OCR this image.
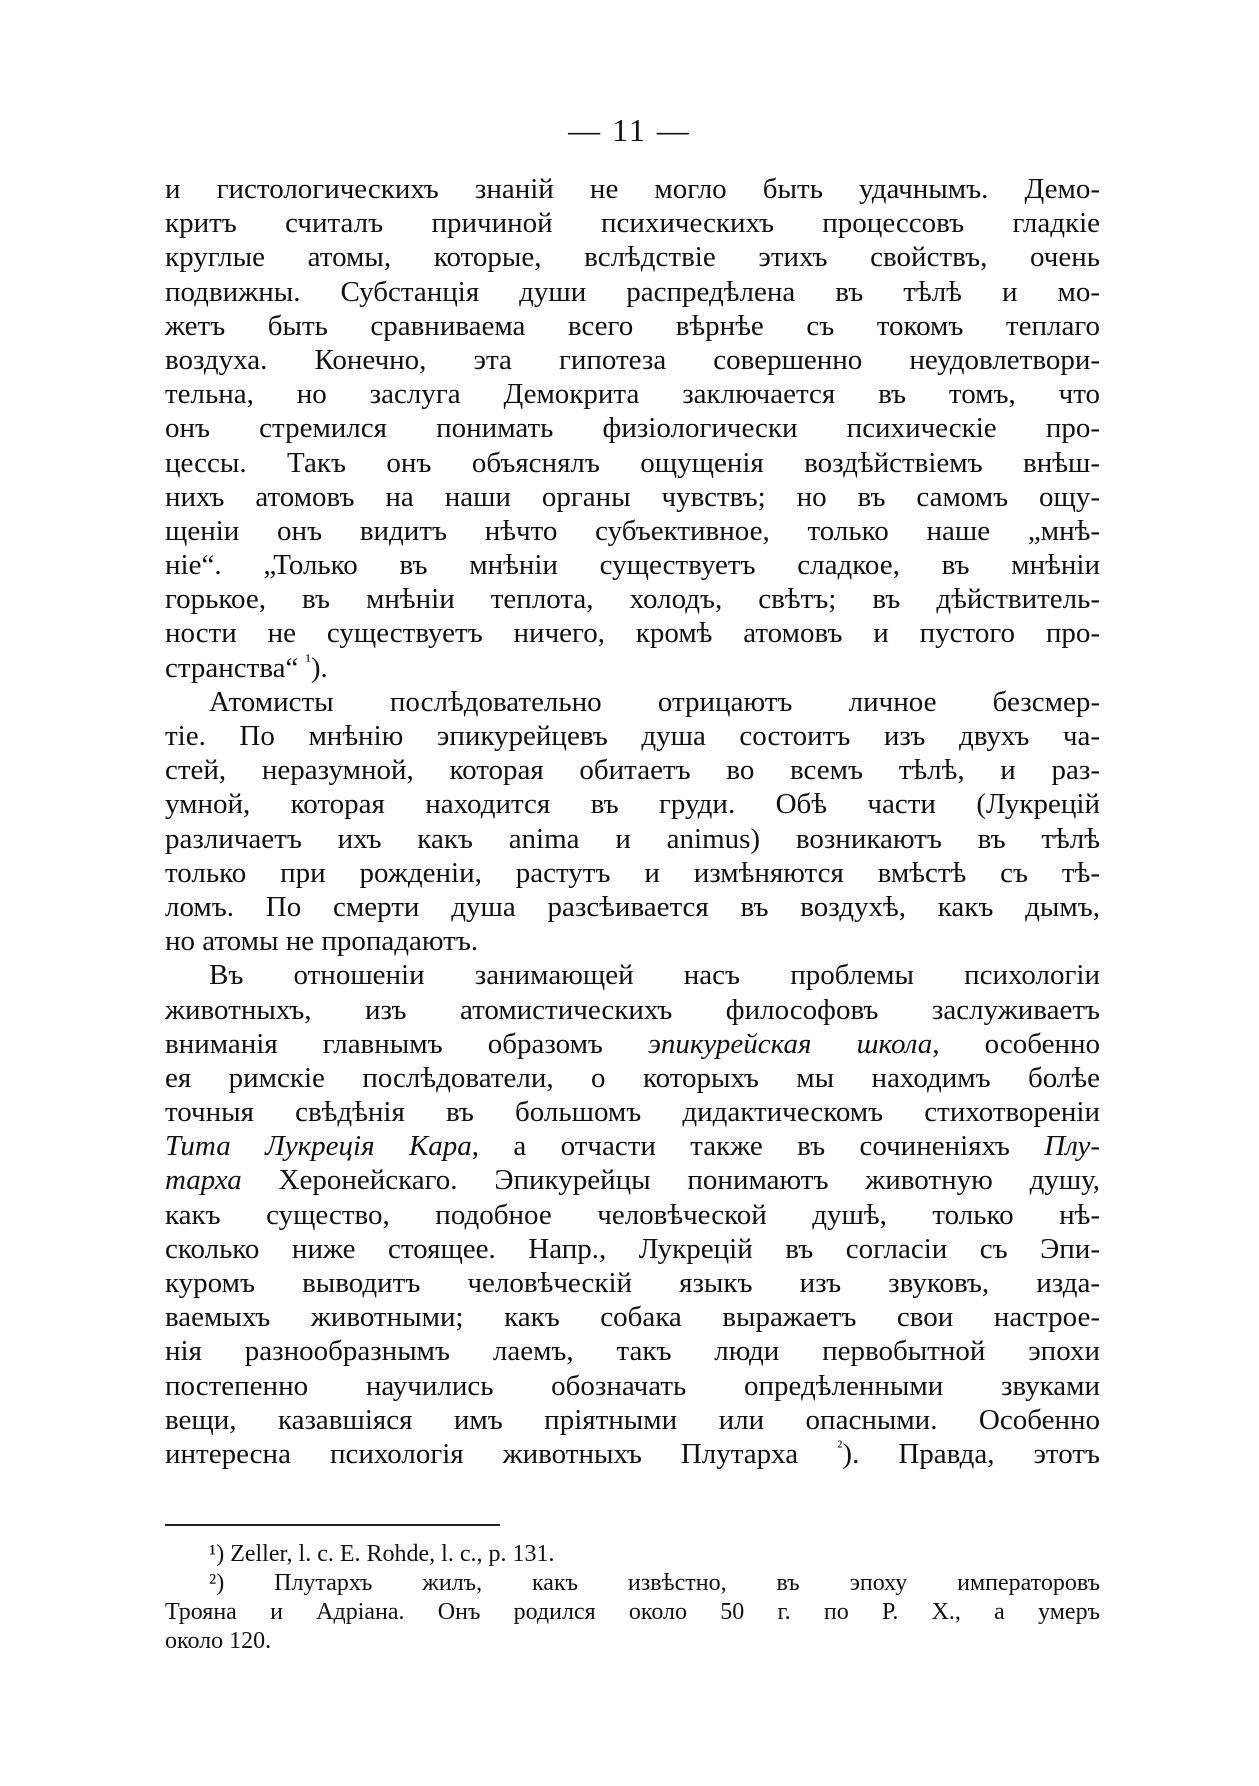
— 11 —
и гистологическихъ знаній не могло быть удачнымъ. Демо-
критъ считалъ причиной психическихъ процессовъ гладкіе
круглые атомы, которые, вслѣдствіе этихъ свойствъ, очень
подвижны. Субстанція души распредѣлена въ тѣлѣ и мо-
жетъ быть сравниваема всего вѣрнѣе съ токомъ теплаго
воздуха. Конечно, эта гипотеза совершенно неудовлетвори-
тельна, но заслуга Демокрита заключается въ томъ, что
онъ стремился понимать физіологически психическіе про-
цессы. Такъ онъ объяснялъ ощущенія воздѣйствіемъ внѣш-
нихъ атомовъ на наши органы чувствъ; но въ самомъ ощу-
щеніи онъ видитъ нѣчто субъективное, только наше „мнѣ-
ніе“. „Только въ мнѣніи существуетъ сладкое, въ мнѣніи
горькое, въ мнѣніи теплота, холодъ, свѣтъ; въ дѣйствитель-
ности не существуетъ ничего, кромѣ атомовъ и пустого про-
странства“ $^{^1}$).
Атомисты послѣдовательно отрицаютъ личное безсмер-
тіе. По мнѣнію эпикурейцевъ душа состоитъ изъ двухъ ча-
стей, неразумной, которая обитаетъ во всемъ тѣлѣ, и раз-
умной, которая находится въ груди. Обѣ части (Лукрецій
различаетъ ихъ какъ anima и animus) возникаютъ въ тѣлѣ
только при рожденіи, растутъ и измѣняются вмѣстѣ съ тѣ-
ломъ. По смерти душа разсѣивается въ воздухѣ, какъ дымъ,
но атомы не пропадаютъ.
Въ отношеніи занимающей насъ проблемы психологіи
животныхъ, изъ атомистическихъ философовъ заслуживаетъ
вниманія главнымъ образомъ эпикурейская школа, особенно
ея римскіе послѣдователи, о которыхъ мы находимъ болѣе
точныя свѣдѣнія въ большомъ дидактическомъ стихотвореніи
Тита Лукреція Кара, а отчасти также въ сочиненіяхъ Плу-
тарха Херонейскаго. Эпикурейцы понимаютъ животную душу,
какъ существо, подобное человѣческой душѣ, только нѣ-
сколько ниже стоящее. Напр., Лукрецій въ согласіи съ Эпи-
куромъ выводитъ человѣческій языкъ изъ звуковъ, изда-
ваемыхъ животными; какъ собака выражаетъ свои настрое-
нія разнообразнымъ лаемъ, такъ люди первобытной эпохи
постепенно научились обозначать опредѣленными звуками
вещи, казавшіяся имъ пріятными или опасными. Особенно
интересна психологія животныхъ Плутарха $^{^2}$). Правда, этотъ
¹) Zeller, l. c. E. Rohde, l. c., p. 131.
²) Плутархъ жилъ, какъ извѣстно, въ эпоху императоровъ
Трояна и Адріана. Онъ родился около 50 г. по Р. Х., а умеръ
около 120.
